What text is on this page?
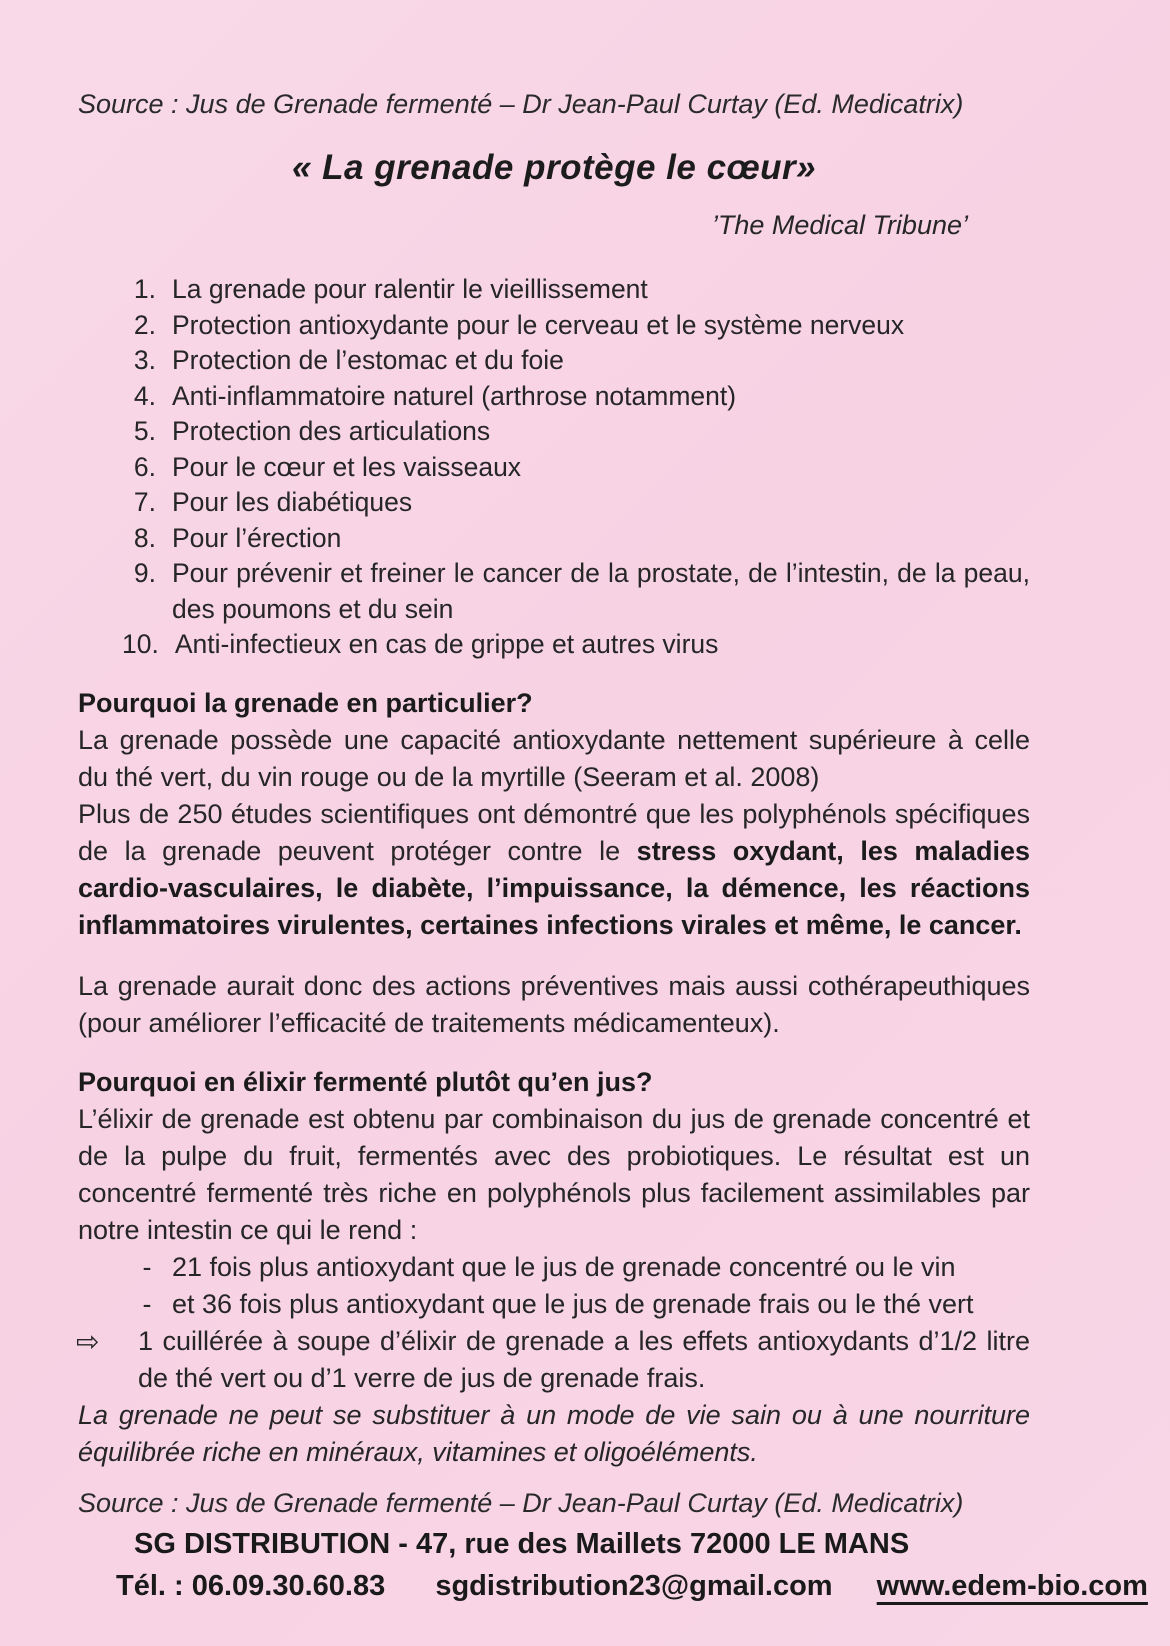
Source : Jus de Grenade fermenté – Dr Jean-Paul Curtay (Ed. Medicatrix)
« La grenade protège le cœur»
’The Medical Tribune’
1. La grenade pour ralentir le vieillissement
2. Protection antioxydante pour le cerveau et le système nerveux
3. Protection de l’estomac et du foie
4. Anti-inflammatoire naturel (arthrose notamment)
5. Protection des articulations
6. Pour le cœur et les vaisseaux
7. Pour les diabétiques
8. Pour l’érection
9. Pour prévenir et freiner le cancer de la prostate, de l’intestin, de la peau, des poumons et du sein
10. Anti-infectieux en cas de grippe et autres virus
Pourquoi la grenade en particulier?

La grenade possède une capacité antioxydante nettement supérieure à celle du thé vert, du vin rouge ou de la myrtille (Seeram et al. 2008)

Plus de 250 études scientifiques ont démontré que les polyphénols spécifiques de la grenade peuvent protéger contre le stress oxydant, les maladies cardio-vasculaires, le diabète, l’impuissance, la démence, les réactions inflammatoires virulentes, certaines infections virales et même, le cancer.

La grenade aurait donc des actions préventives mais aussi cothérapeuthiques (pour améliorer l’efficacité de traitements médicamenteux).

Pourquoi en élixir fermenté plutôt qu’en jus?

L’élixir de grenade est obtenu par combinaison du jus de grenade concentré et de la pulpe du fruit, fermentés avec des probiotiques. Le résultat est un concentré fermenté très riche en polyphénols plus facilement assimilables par notre intestin ce qui le rend :

- 21 fois plus antioxydant que le jus de grenade concentré ou le vin
- et 36 fois plus antioxydant que le jus de grenade frais ou le thé vert
⇨	1 cuillérée à soupe d’élixir de grenade a les effets antioxydants d’1/2 litre de thé vert ou d’1 verre de jus de grenade frais.

La grenade ne peut se substituer à un mode de vie sain ou à une nourriture équilibrée riche en minéraux, vitamines et oligoéléments.

Source : Jus de Grenade fermenté – Dr Jean-Paul Curtay (Ed. Medicatrix)
SG DISTRIBUTION - 47, rue des Maillets 72000 LE MANS
Tél. : 06.09.30.60.83 sgdistribution23@gmail.com www.edem-bio.com
